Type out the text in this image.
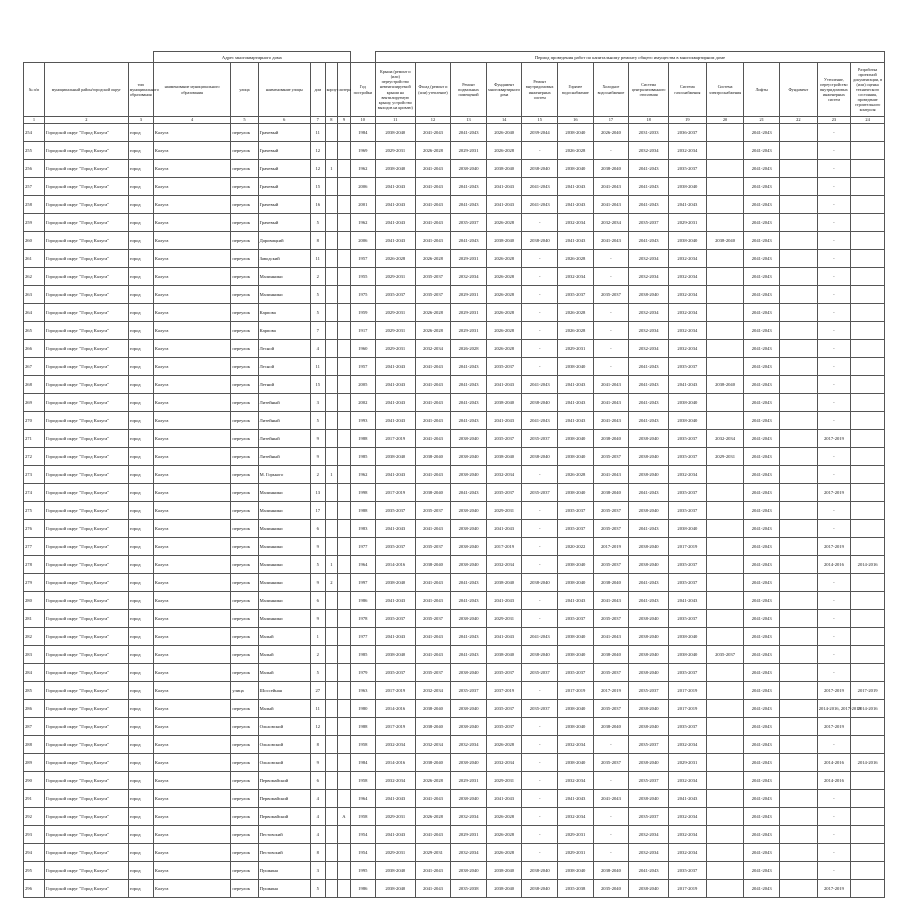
			Адрес многоквартирного дома							Период проведения работ по капитальному ремонту общего имущества в многоквартирном доме													
№ п/п	муниципальный район/городской округ	тип муниципального образования	наименование муниципального образования	улица	наименование улицы	дом	корпус	литера	Год постройки	Крыша (ремонт и (или) переустройство невентилируемой крыши на вентилируемую крышу, устройство выходов на кровлю)	Фасад (ремонт и (или) утепление)	Ремонт подвальных помещений	Фундамент многоквартирного дома	Ремонт внутридомовых инженерных систем	Горячее водоснабжение	Холодное водоснабжение	Система централизованного отопления	Система газоснабжения	Система электроснабжения	Лифты	Фундамент	Утепление, переустройство внутридомовых инженерных систем	Разработка проектной документации, в (или) оценка технического состояния, проведение строительного контроля
1	2	3	4	5	6	7	8	9	10	11	12	13	14	15	16	17	18	19	20	21	22	23	24
254	Городской округ "Город Калуга"	город	Калуга	переулок	Грачевый	11			1984	2038-2040	2041-2043	2041-2043	2026-2040	2039-2044	2038-2040	2026-2040	2031-2033	2036-2037		2041-2043		-	
255	Городской округ "Город Калуга"	город	Калуга	переулок	Грачевый	12			1969	2029-2031	2026-2028	2029-2031	2026-2028	-	2026-2028	-	2032-2034	2032-2034		2041-2043		-	
256	Городской округ "Город Калуга"	город	Калуга	переулок	Грачевый	12	1		1962	2038-2040	2041-2043	2038-2040	2038-2040	2038-2040	2038-2040	2038-2040	2041-2043	2035-2037		2041-2043		-	
257	Городской округ "Город Калуга"	город	Калуга	переулок	Грачевый	15			2006	2041-2043	2041-2043	2041-2043	2041-2043	2041-2043	2041-2043	2041-2043	2041-2043	2038-2040		2041-2043		-	
258	Городской округ "Город Калуга"	город	Калуга	переулок	Грачевый	16			2001	2041-2043	2041-2043	2041-2043	2041-2043	2041-2043	2041-2043	2041-2043	2041-2043	2041-2043		2041-2043		-	
259	Городской округ "Город Калуга"	город	Калуга	переулок	Грачевый	5			1962	2041-2043	2041-2043	2035-2037	2026-2028	-	2032-2034	2032-2034	2035-2037	2029-2031		2041-2043		-	
260	Городской округ "Город Калуга"	город	Калуга	переулок	Даровицкий	8			2006	2041-2043	2041-2043	2041-2043	2038-2040	2038-2040	2041-2043	2041-2043	2041-2043	2038-2040	2038-2040	2041-2043		-	
261	Городской округ "Город Калуга"	город	Калуга	переулок	Заводский	11			1957	2026-2028	2026-2028	2029-2031	2026-2028	-	2026-2028	-	2032-2034	2032-2034		2041-2043		-	
262	Городской округ "Город Калуга"	город	Калуга	переулок	Малинники	2			1955	2029-2031	2035-2037	2032-2034	2026-2028	-	2032-2034	-	2032-2034	2032-2034		2041-2043		-	
263	Городской округ "Город Калуга"	город	Калуга	переулок	Малинники	5			1975	2035-2037	2035-2037	2029-2031	2026-2028	-	2035-2037	2035-2037	2038-2040	2032-2034		2041-2043		-	
264	Городской округ "Город Калуга"	город	Калуга	переулок	Карпова	5			1959	2029-2031	2026-2028	2029-2031	2026-2028	-	2026-2028	-	2032-2034	2032-2034		2041-2043		-	
265	Городской округ "Город Калуга"	город	Калуга	переулок	Карпова	7			1917	2029-2031	2026-2028	2029-2031	2026-2028	-	2026-2028	-	2032-2034	2032-2034		2041-2043		-	
266	Городской округ "Город Калуга"	город	Калуга	переулок	Лесной	4			1960	2029-2031	2032-2034	2026-2028	2026-2028	-	2029-2031	-	2032-2034	2032-2034		2041-2043		-	
267	Городской округ "Город Калуга"	город	Калуга	переулок	Лесной	11			1957	2041-2043	2041-2043	2041-2043	2035-2037	-	2038-2040	-	2041-2043	2035-2037		2041-2043		-	
268	Городской округ "Город Калуга"	город	Калуга	переулок	Летний	15			2005	2041-2043	2041-2043	2041-2043	2041-2043	2041-2043	2041-2043	2041-2043	2041-2043	2041-2043	2038-2040	2041-2043		-	
269	Городской округ "Город Калуга"	город	Калуга	переулок	Литейный	3			2002	2041-2043	2041-2043	2041-2043	2038-2040	2038-2040	2041-2043	2041-2043	2041-2043	2038-2040		2041-2043		-	
270	Городской округ "Город Калуга"	город	Калуга	переулок	Литейный	5			1993	2041-2043	2041-2043	2041-2043	2041-2043	2041-2043	2041-2043	2041-2043	2041-2043	2038-2040		2041-2043		-	
271	Городской округ "Город Калуга"	город	Калуга	переулок	Литейный	9			1988	2017-2019	2041-2043	2038-2040	2035-2037	2035-2037	2038-2040	2038-2040	2038-2040	2035-2037	2032-2034	2041-2043		2017-2019	
272	Городской округ "Город Калуга"	город	Калуга	переулок	Литейный	9			1985	2038-2040	2038-2040	2038-2040	2038-2040	2038-2040	2038-2040	2035-2037	2038-2040	2035-2037	2029-2031	2041-2043		-	
273	Городской округ "Город Калуга"	город	Калуга	переулок	М. Горького	2	1		1962	2041-2043	2041-2043	2038-2040	2032-2034	-	2026-2028	2041-2043	2038-2040	2032-2034		2041-2043		-	
274	Городской округ "Город Калуга"	город	Калуга	переулок	Малинники	13			1998	2017-2019	2038-2040	2041-2043	2035-2037	2035-2037	2038-2040	2038-2040	2041-2043	2035-2037		2041-2043		2017-2019	
275	Городской округ "Город Калуга"	город	Калуга	переулок	Малинники	17			1988	2035-2037	2035-2037	2038-2040	2029-2031	-	2035-2037	2035-2037	2038-2040	2035-2037		2041-2043		-	
276	Городской округ "Город Калуга"	город	Калуга	переулок	Малинники	6			1983	2041-2043	2041-2043	2038-2040	2041-2043	-	2035-2037	2035-2037	2041-2043	2038-2040		2041-2043		-	
277	Городской округ "Город Калуга"	город	Калуга	переулок	Малинники	9			1977	2035-2037	2035-2037	2038-2040	2017-2019	-	2020-2022	2017-2019	2038-2040	2017-2019		2041-2043		2017-2019	
278	Городской округ "Город Калуга"	город	Калуга	переулок	Малинники	5	1		1964	2014-2016	2038-2040	2038-2040	2032-2034	-	2038-2040	2035-2037	2038-2040	2035-2037		2041-2043		2014-2016	2014-2016
279	Городской округ "Город Калуга"	город	Калуга	переулок	Малинники	9	2		1997	2038-2040	2041-2043	2041-2043	2038-2040	2038-2040	2038-2040	2038-2040	2041-2043	2035-2037		2041-2043		-	
280	Городской округ "Город Калуга"	город	Калуга	переулок	Малинники	6			1986	2041-2043	2041-2043	2041-2043	2041-2043	-	2041-2043	2041-2043	2041-2043	2041-2043		2041-2043		-	
281	Городской округ "Город Калуга"	город	Калуга	переулок	Малинники	9			1978	2035-2037	2035-2037	2038-2040	2029-2031	-	2035-2037	2035-2037	2038-2040	2035-2037		2041-2043		-	
282	Городской округ "Город Калуга"	город	Калуга	переулок	Малый	1			1977	2041-2043	2041-2043	2041-2043	2041-2043	2041-2043	2038-2040	2041-2043	2038-2040	2038-2040		2041-2043		-	
283	Городской округ "Город Калуга"	город	Калуга	переулок	Малый	2			1985	2038-2040	2041-2043	2041-2043	2038-2040	2038-2040	2038-2040	2038-2040	2038-2040	2038-2040	2035-2037	2041-2043		-	
284	Городской округ "Город Калуга"	город	Калуга	переулок	Малый	5			1979	2035-2037	2035-2037	2038-2040	2035-2037	2035-2037	2035-2037	2035-2037	2038-2040	2035-2037		2041-2043		-	
285	Городской округ "Город Калуга"	город	Калуга	улица	Шоссейная	27			1963	2017-2019	2032-2034	2035-2037	2037-2019	-	2017-2019	2017-2019	2035-2037	2017-2019		2041-2043		2017-2019	2017-2019
286	Городской округ "Город Калуга"	город	Калуга	переулок	Малый	11			1980	2014-2016	2038-2040	2038-2040	2035-2037	2035-2037	2038-2040	2035-2037	2038-2040	2017-2019		2041-2043		2014-2016, 2017-2019	2014-2016
287	Городской округ "Город Калуга"	город	Калуга	переулок	Ольховский	12			1988	2017-2019	2038-2040	2038-2040	2035-2037	-	2038-2040	2038-2040	2038-2040	2035-2037		2041-2043		2017-2019	
288	Городской округ "Город Калуга"	город	Калуга	переулок	Ольховский	8			1958	2032-2034	2032-2034	2032-2034	2026-2028	-	2032-2034	-	2035-2037	2032-2034		2041-2043		-	
289	Городской округ "Город Калуга"	город	Калуга	переулок	Ольховский	9			1984	2014-2016	2038-2040	2038-2040	2032-2034	-	2038-2040	2035-2037	2038-2040	2029-2031		2041-2043		2014-2016	2014-2016
290	Городской округ "Город Калуга"	город	Калуга	переулок	Первомайский	6			1958	2032-2034	2026-2028	2029-2031	2029-2031	-	2032-2034	-	2035-2037	2032-2034		2041-2043		2014-2016	
291	Городской округ "Город Калуга"	город	Калуга	переулок	Первомайский	4			1964	2041-2043	2041-2043	2038-2040	2041-2043	-	2041-2043	2041-2043	2038-2040	2041-2043		2041-2043		-	
292	Городской округ "Город Калуга"	город	Калуга	переулок	Первомайский	4		А	1958	2029-2031	2026-2028	2032-2034	2026-2028	-	2032-2034	-	2035-2037	2032-2034		2041-2043		-	
293	Городской округ "Город Калуга"	город	Калуга	переулок	Пестовский	4			1954	2041-2043	2041-2043	2029-2031	2026-2028	-	2029-2031	-	2032-2034	2032-2034		2041-2043		-	
294	Городской округ "Город Калуга"	город	Калуга	переулок	Пестовский	8			1954	2029-2031	2029-2031	2032-2034	2026-2028	-	2029-2031	-	2032-2034	2032-2034		2041-2043		-	
295	Городской округ "Город Калуга"	город	Калуга	переулок	Пушкина	3			1995	2038-2040	2041-2043	2038-2040	2038-2040	2038-2040	2038-2040	2038-2040	2041-2043	2035-2037		2041-2043		-	
296	Городской округ "Город Калуга"	город	Калуга	переулок	Пушкина	5			1986	2038-2040	2041-2043	2035-2038	2038-2040	2038-2040	2035-2038	2035-2040	2038-2040	2017-2019		2041-2043		2017-2019	
